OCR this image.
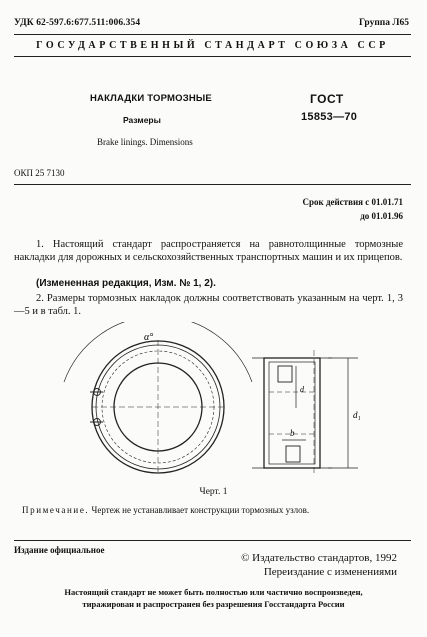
УДК 62-597.6:677.511:006.354	Группа Л65
ГОСУДАРСТВЕННЫЙ СТАНДАРТ СОЮЗА ССР
НАКЛАДКИ ТОРМОЗНЫЕ
Размеры
Brake linings. Dimensions
ГОСТ
15853—70
ОКП 25 7130
Срок действия с 01.01.71
до 01.01.96
1. Настоящий стандарт распространяется на равнотолщинные тормозные накладки для дорожных и сельскохозяйственных транспортных машин и их прицепов.
(Измененная редакция, Изм. № 1, 2).
2. Размеры тормозных накладок должны соответствовать указанным на черт. 1, 3—5 и в табл. 1.
α°
d
d₁
b
Черт. 1
Примечание. Чертеж не устанавливает конструкции тормозных узлов.
Издание официальное
© Издательство стандартов, 1992
Переиздание с изменениями
Настоящий стандарт не может быть полностью или частично воспроизведен,
тиражирован и распространен без разрешения Госстандарта России
